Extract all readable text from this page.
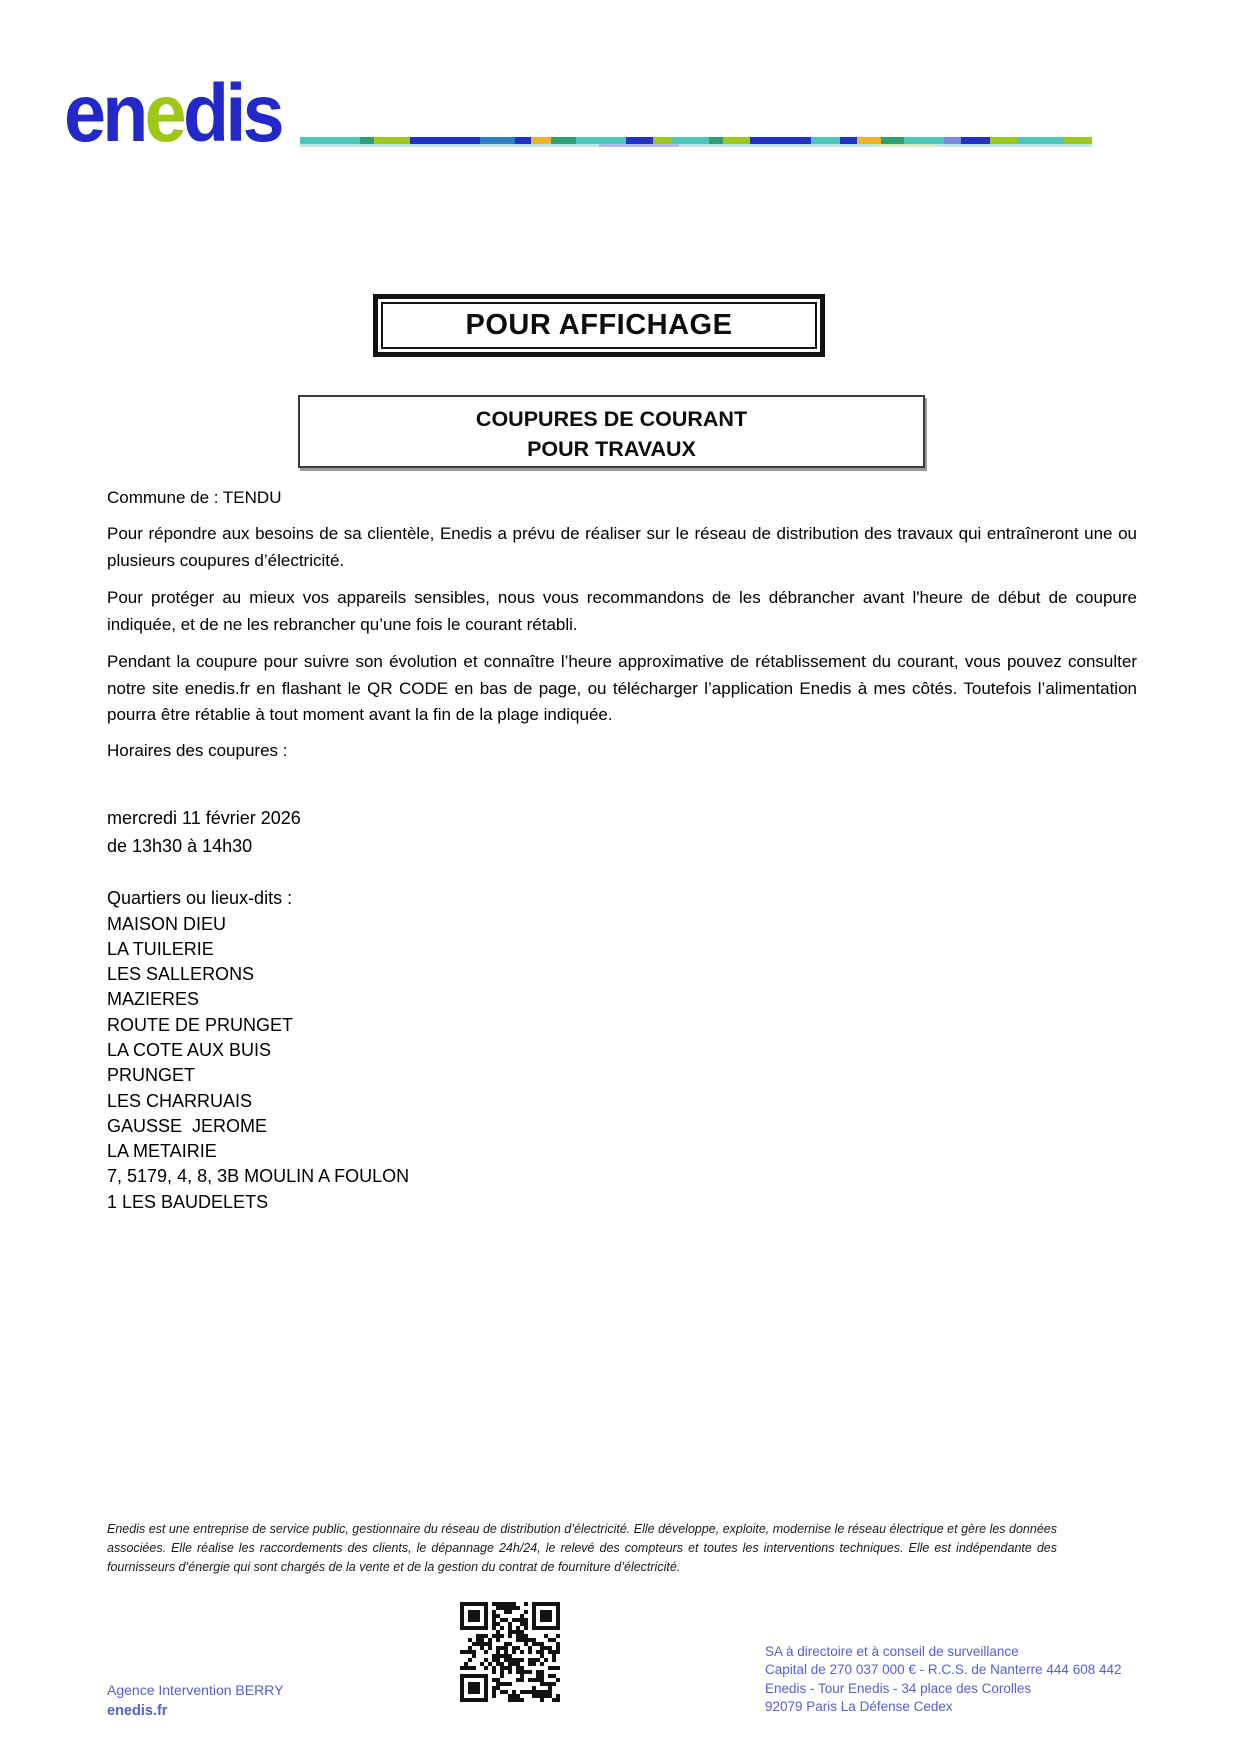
enedis
POUR AFFICHAGE
COUPURES DE COURANT
POUR TRAVAUX

Commune de : TENDU

Pour répondre aux besoins de sa clientèle, Enedis a prévu de réaliser sur le réseau de distribution des travaux qui entraîneront une ou plusieurs coupures d’électricité.

Pour protéger au mieux vos appareils sensibles, nous vous recommandons de les débrancher avant l'heure de début de coupure indiquée, et de ne les rebrancher qu’une fois le courant rétabli.

Pendant la coupure pour suivre son évolution et connaître l’heure approximative de rétablissement du courant, vous pouvez consulter notre site enedis.fr en flashant le QR CODE en bas de page, ou télécharger l’application Enedis à mes côtés. Toutefois l’alimentation pourra être rétablie à tout moment avant la fin de la plage indiquée.

Horaires des coupures :

mercredi 11 février 2026
de 13h30 à 14h30

Quartiers ou lieux-dits :

MAISON DIEU
LA TUILERIE
LES SALLERONS
MAZIERES
ROUTE DE PRUNGET
LA COTE AUX BUIS
PRUNGET
LES CHARRUAIS
GAUSSE  JEROME
LA METAIRIE
7, 5179, 4, 8, 3B MOULIN A FOULON
1 LES BAUDELETS

Enedis est une entreprise de service public, gestionnaire du réseau de distribution d’électricité. Elle développe, exploite, modernise le réseau électrique et gère les données associées. Elle réalise les raccordements des clients, le dépannage 24h/24, le relevé des compteurs et toutes les interventions techniques. Elle est indépendante des fournisseurs d’énergie qui sont chargés de la vente et de la gestion du contrat de fourniture d’électricité.

Agence Intervention BERRY
enedis.fr
SA à directoire et à conseil de surveillance
Capital de 270 037 000 € - R.C.S. de Nanterre 444 608 442
Enedis - Tour Enedis - 34 place des Corolles
92079 Paris La Défense Cedex
